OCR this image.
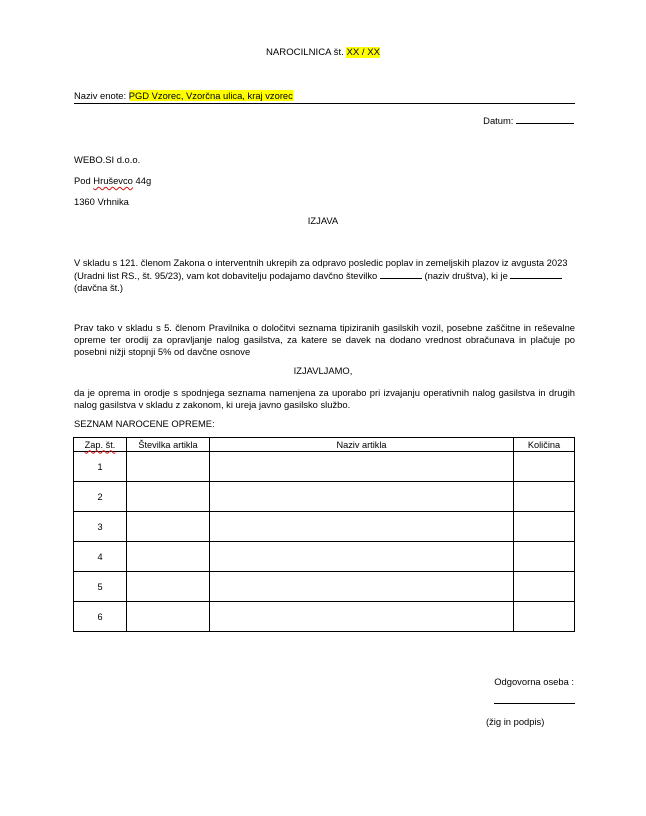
NAROCILNICA št. XX / XX
Naziv enote: PGD Vzorec, Vzorčna ulica, kraj vzorec
Datum:
WEBO.SI d.o.o.
Pod Hruševco 44g
1360 Vrhnika
IZJAVA
V skladu s 121. členom Zakona o interventnih ukrepih za odpravo posledic poplav in zemeljskih plazov iz avgusta 2023
(Uradni list RS., št. 95/23), vam kot dobavitelju podajamo davčno številko	(naziv društva), ki je
(davčna št.)
Prav tako v skladu s 5. členom Pravilnika o določitvi seznama tipiziranih gasilskih vozil, posebne zaščitne in reševalne opreme ter orodij za opravljanje nalog gasilstva, za katere se davek na dodano vrednost obračunava in plačuje po posebni nižji stopnji 5% od davčne osnove
IZJAVLJAMO,
da je oprema in orodje s spodnjega seznama namenjena za uporabo pri izvajanju operativnih nalog gasilstva in drugih nalog gasilstva v skladu z zakonom, ki ureja javno gasilsko službo.
SEZNAM NAROCENE OPREME:
Zap. št.	Številka artikla	Naziv artikla	Količina
1			
2			
3			
4			
5			
6			
Odgovorna oseba :
(žig in podpis)
